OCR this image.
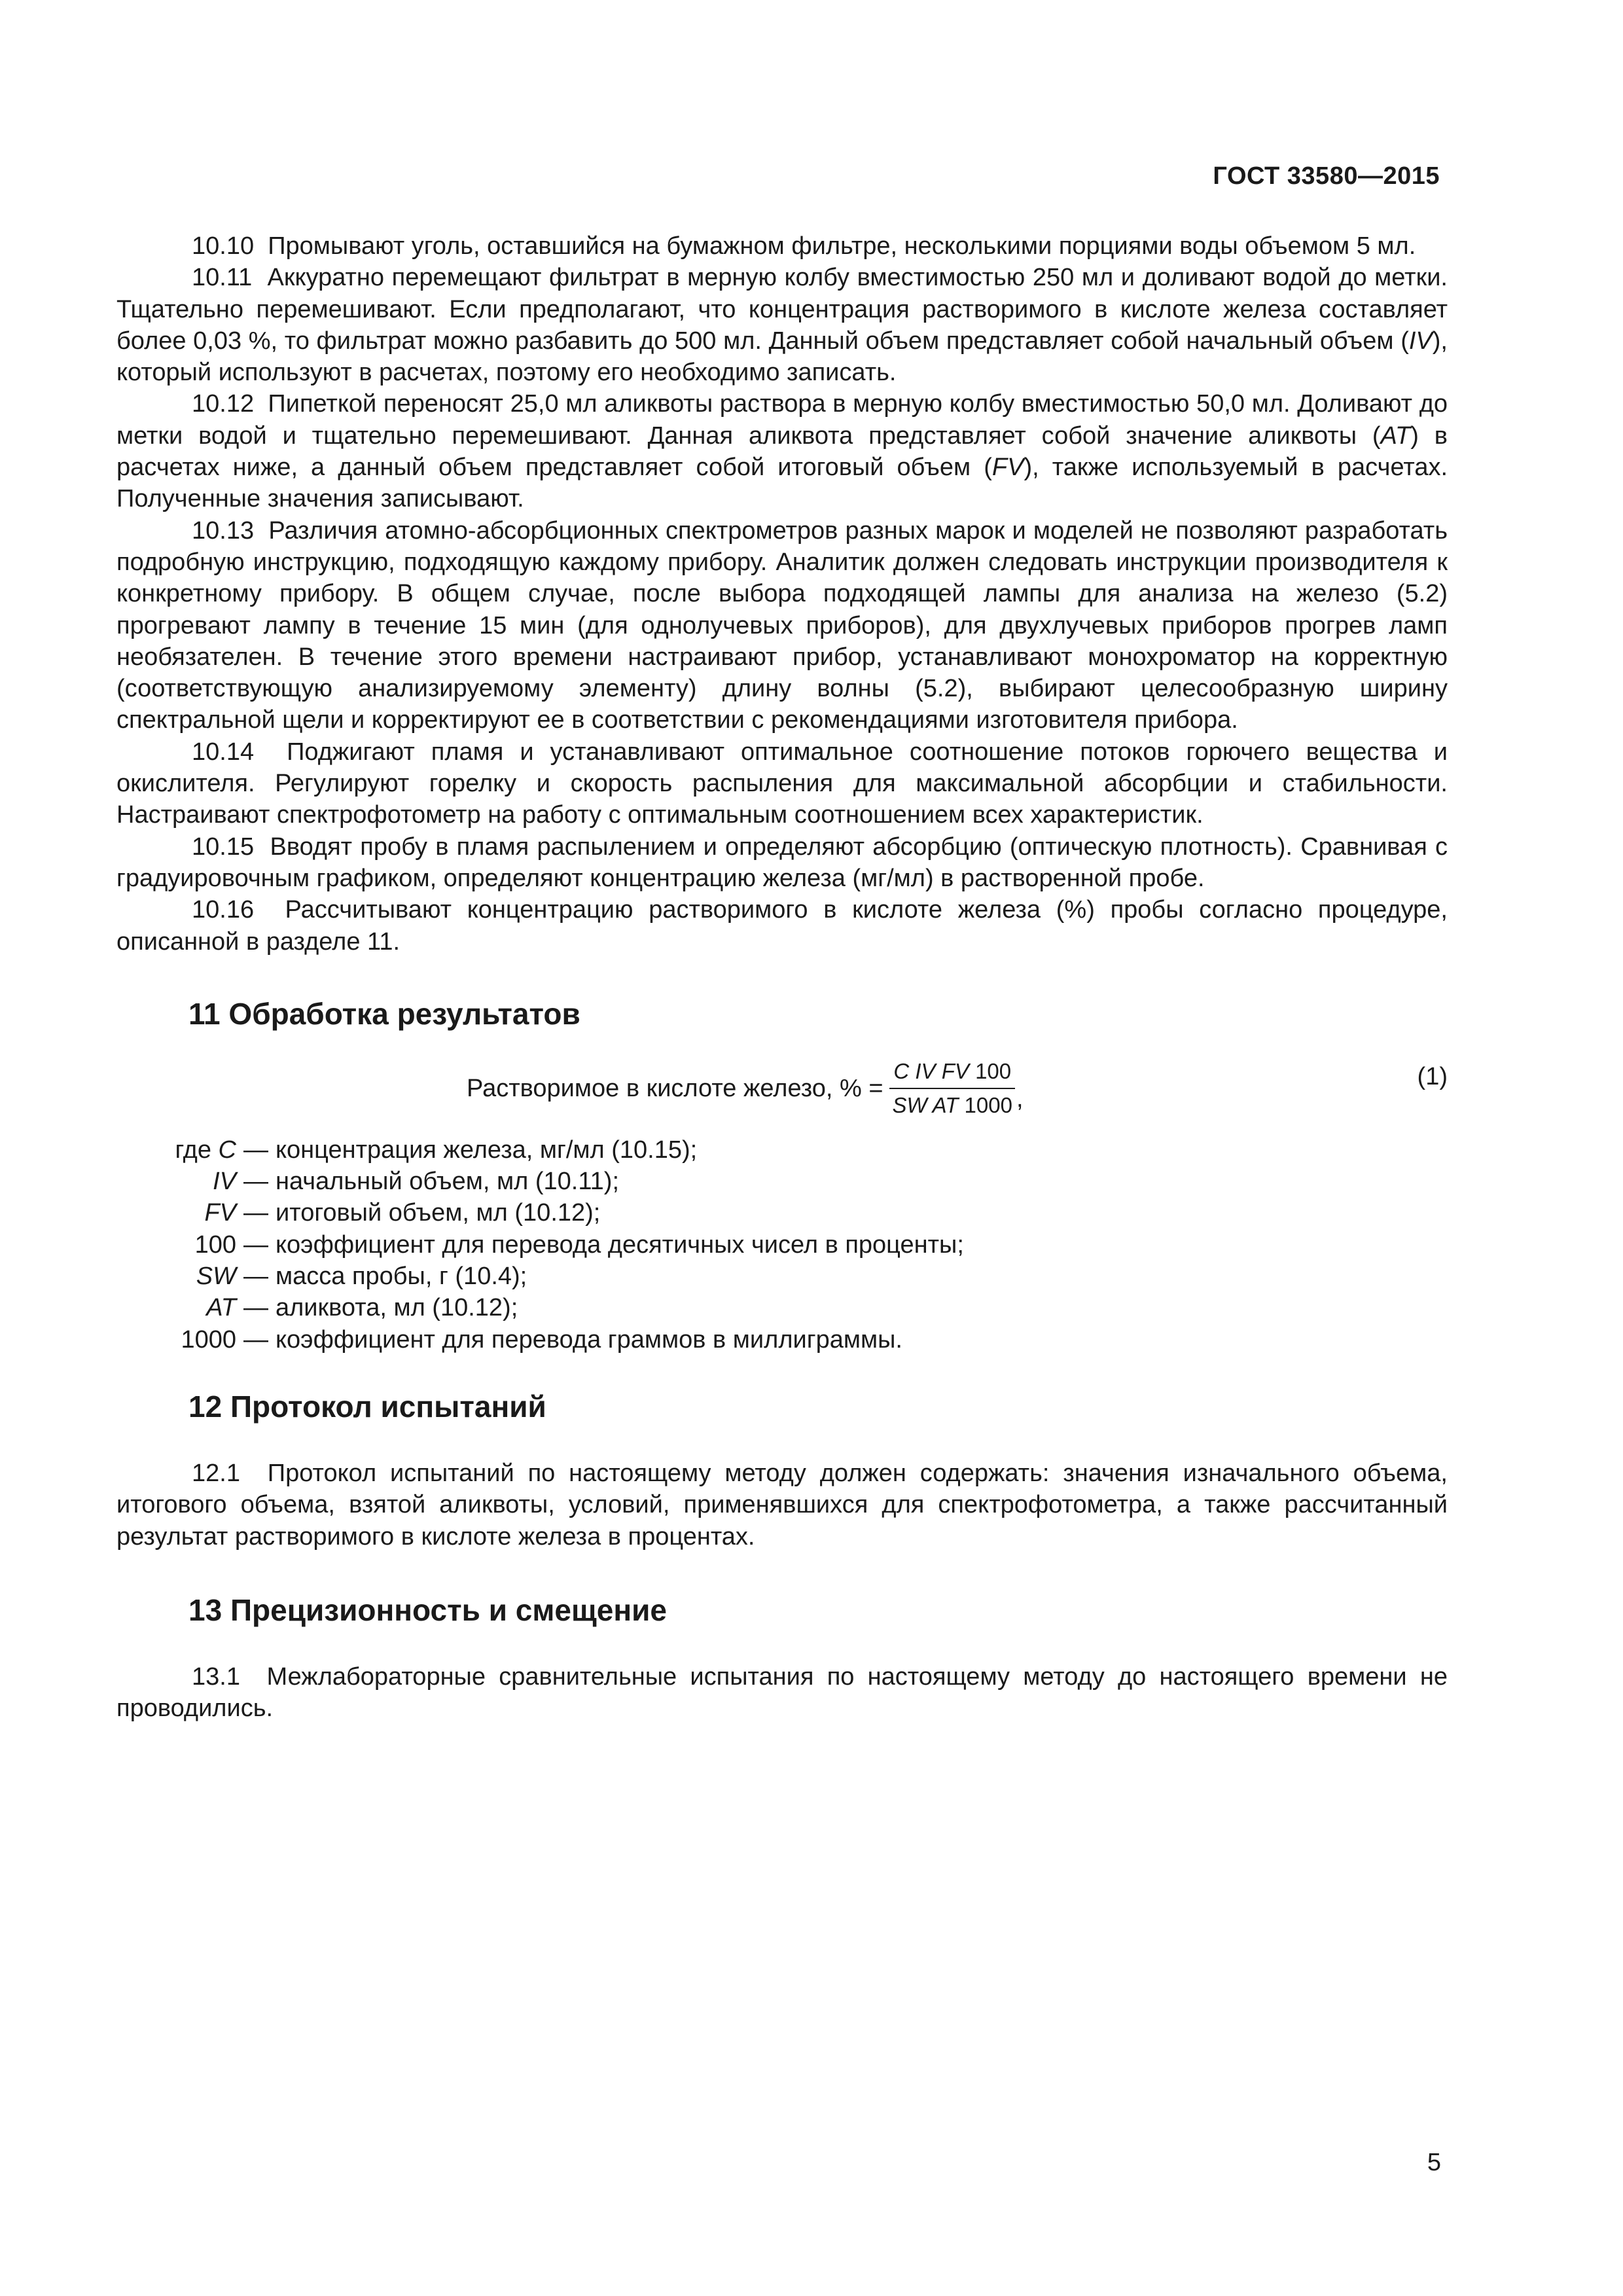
ГОСТ 33580—2015

10.10 Промывают уголь, оставшийся на бумажном фильтре, несколькими порциями воды объемом 5 мл.

10.11 Аккуратно перемещают фильтрат в мерную колбу вместимостью 250 мл и доливают водой до метки. Тщательно перемешивают. Если предполагают, что концентрация растворимого в кислоте железа составляет более 0,03 %, то фильтрат можно разбавить до 500 мл. Данный объем представляет собой начальный объем (IV), который используют в расчетах, поэтому его необходимо записать.

10.12 Пипеткой переносят 25,0 мл аликвоты раствора в мерную колбу вместимостью 50,0 мл. Доливают до метки водой и тщательно перемешивают. Данная аликвота представляет собой значение аликвоты (AT) в расчетах ниже, а данный объем представляет собой итоговый объем (FV), также используемый в расчетах. Полученные значения записывают.

10.13 Различия атомно-абсорбционных спектрометров разных марок и моделей не позволяют разработать подробную инструкцию, подходящую каждому прибору. Аналитик должен следовать инструкции производителя к конкретному прибору. В общем случае, после выбора подходящей лампы для анализа на железо (5.2) прогревают лампу в течение 15 мин (для однолучевых приборов), для двухлучевых приборов прогрев ламп необязателен. В течение этого времени настраивают прибор, устанавливают монохроматор на корректную (соответствующую анализируемому элементу) длину волны (5.2), выбирают целесообразную ширину спектральной щели и корректируют ее в соответствии с рекомендациями изготовителя прибора.

10.14 Поджигают пламя и устанавливают оптимальное соотношение потоков горючего вещества и окислителя. Регулируют горелку и скорость распыления для максимальной абсорбции и стабильности. Настраивают спектрофотометр на работу с оптимальным соотношением всех характеристик.

10.15 Вводят пробу в пламя распылением и определяют абсорбцию (оптическую плотность). Сравнивая с градуировочным графиком, определяют концентрацию железа (мг/мл) в растворенной пробе.

10.16 Рассчитывают концентрацию растворимого в кислоте железа (%) пробы согласно процедуре, описанной в разделе 11.

11 Обработка результатов
Растворимое в кислоте железо, % = $\frac{\text{C IV FV 100}}{\text{SW AT 1000}}$ ,
(1)
где C — концентрация железа, мг/мл (10.15);
IV — начальный объем, мл (10.11);
FV — итоговый объем, мл (10.12);
100 — коэффициент для перевода десятичных чисел в проценты;
SW — масса пробы, г (10.4);
AT — аликвота, мл (10.12);
1000 — коэффициент для перевода граммов в миллиграммы.
12 Протокол испытаний

12.1 Протокол испытаний по настоящему методу должен содержать: значения изначального объема, итогового объема, взятой аликвоты, условий, применявшихся для спектрофотометра, а также рассчитанный результат растворимого в кислоте железа в процентах.

13 Прецизионность и смещение

13.1 Межлабораторные сравнительные испытания по настоящему методу до настоящего времени не проводились.

5
